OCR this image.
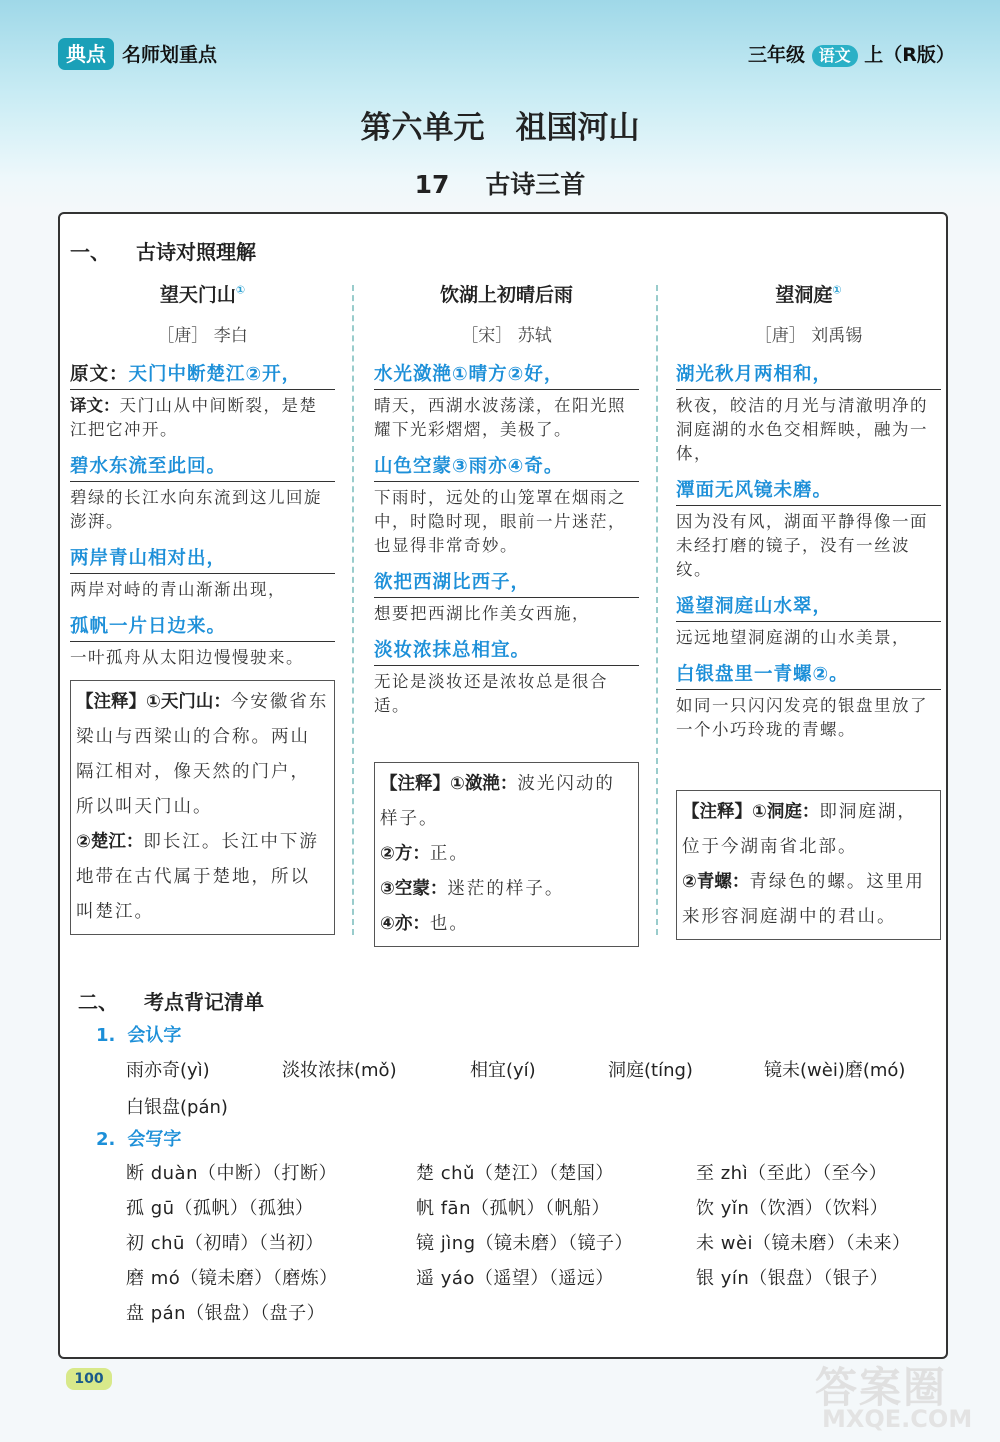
典点 名师划重点	三年级 语文 上（R版）
第六单元　祖国河山
17 古诗三首
一、 古诗对照理解
望天门山①
［唐］ 李白
原文：天门中断楚江②开，
译文：天门山从中间断裂，是楚江把它冲开。
碧水东流至此回。
碧绿的长江水向东流到这儿回旋澎湃。
两岸青山相对出，
两岸对峙的青山渐渐出现，
孤帆一片日边来。
一叶孤舟从太阳边慢慢驶来。
【注释】①天门山：今安徽省东梁山与西梁山的合称。两山隔江相对，像天然的门户，所以叫天门山。
②楚江：即长江。长江中下游地带在古代属于楚地，所以叫楚江。
饮湖上初晴后雨
［宋］ 苏轼
水光潋滟①晴方②好，
晴天，西湖水波荡漾，在阳光照耀下光彩熠熠，美极了。
山色空蒙③雨亦④奇。
下雨时，远处的山笼罩在烟雨之中，时隐时现，眼前一片迷茫，也显得非常奇妙。
欲把西湖比西子，
想要把西湖比作美女西施，
淡妆浓抹总相宜。
无论是淡妆还是浓妆总是很合适。
【注释】①潋滟：波光闪动的样子。
②方：正。
③空蒙：迷茫的样子。
④亦：也。
望洞庭①
［唐］ 刘禹锡
湖光秋月两相和，
秋夜，皎洁的月光与清澈明净的洞庭湖的水色交相辉映，融为一体，
潭面无风镜未磨。
因为没有风，湖面平静得像一面未经打磨的镜子，没有一丝波纹。
遥望洞庭山水翠，
远远地望洞庭湖的山水美景，
白银盘里一青螺②。
如同一只闪闪发亮的银盘里放了一个小巧玲珑的青螺。
【注释】①洞庭：即洞庭湖，位于今湖南省北部。
②青螺：青绿色的螺。这里用来形容洞庭湖中的君山。
二、 考点背记清单
1. 会认字
雨亦奇(yì)	淡妆浓抹(mǒ)	相宜(yí)	洞庭(tíng)	镜未(wèi)磨(mó)
白银盘(pán)
2. 会写字
断 duàn（中断）（打断）	楚 chǔ（楚江）（楚国）	至 zhì（至此）（至今）
孤 gū（孤帆）（孤独）	帆 fān（孤帆）（帆船）	饮 yǐn（饮酒）（饮料）
初 chū（初晴）（当初）	镜 jìng（镜未磨）（镜子）	未 wèi（镜未磨）（未来）
磨 mó（镜未磨）（磨炼）	遥 yáo（遥望）（遥远）	银 yín（银盘）（银子）
盘 pán（银盘）（盘子）
100	答案圈
MXQE.COM
